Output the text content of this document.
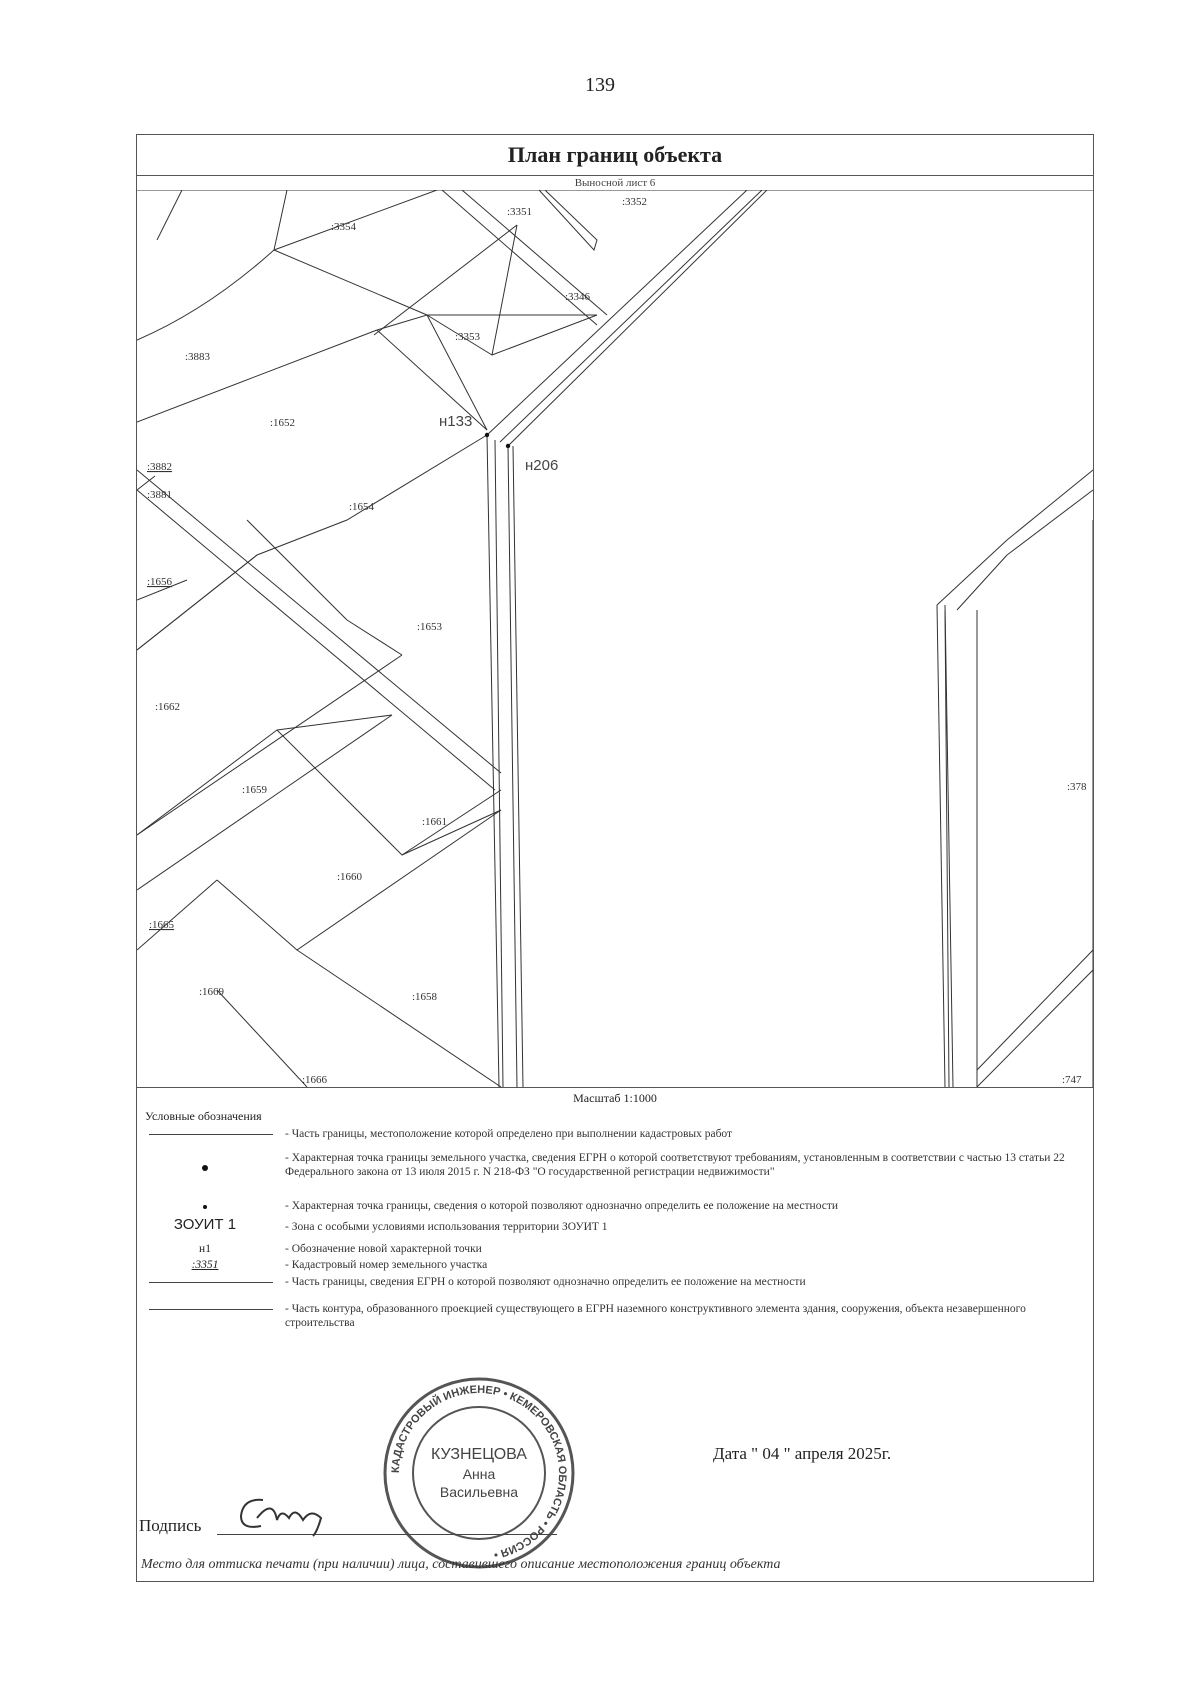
139
План границ объекта
Выносной лист 6
:3354
:3351
:3352
:3346
:3353
:3883
:1652
:3882
:3881
:1654
:1656
:1653
:1662
:1659
:1661
:1660
:1665
:1669	:1658
:1666
:378
:747
н133
н206
Масштаб 1:1000
Условные обозначения
- Часть границы, местоположение которой определено при выполнении кадастровых работ
- Характерная точка границы земельного участка, сведения ЕГРН о которой соответствуют требованиям, установленным в соответствии с частью 13 статьи 22 Федерального закона от 13 июля 2015 г. N 218-ФЗ "О государственной регистрации недвижимости"
- Характерная точка границы, сведения о которой позволяют однозначно определить ее положение на местности
ЗОУИТ 1	- Зона с особыми условиями использования территории ЗОУИТ 1
н1	- Обозначение новой характерной точки
:3351	- Кадастровый номер земельного участка
- Часть границы, сведения ЕГРН о которой позволяют однозначно определить ее положение на местности
- Часть контура, образованного проекцией существующего в ЕГРН наземного конструктивного элемента здания, сооружения, объекта незавершенного строительства
Дата " 04 " апреля 2025г.
КАДАСТРОВЫЙ ИНЖЕНЕР • КЕМЕРОВСКАЯ ОБЛАСТЬ • РОССИЯ •
КУЗНЕЦОВА
Анна
Васильевна
Подпись
Место для оттиска печати (при наличии) лица, составившего описание местоположения границ объекта
